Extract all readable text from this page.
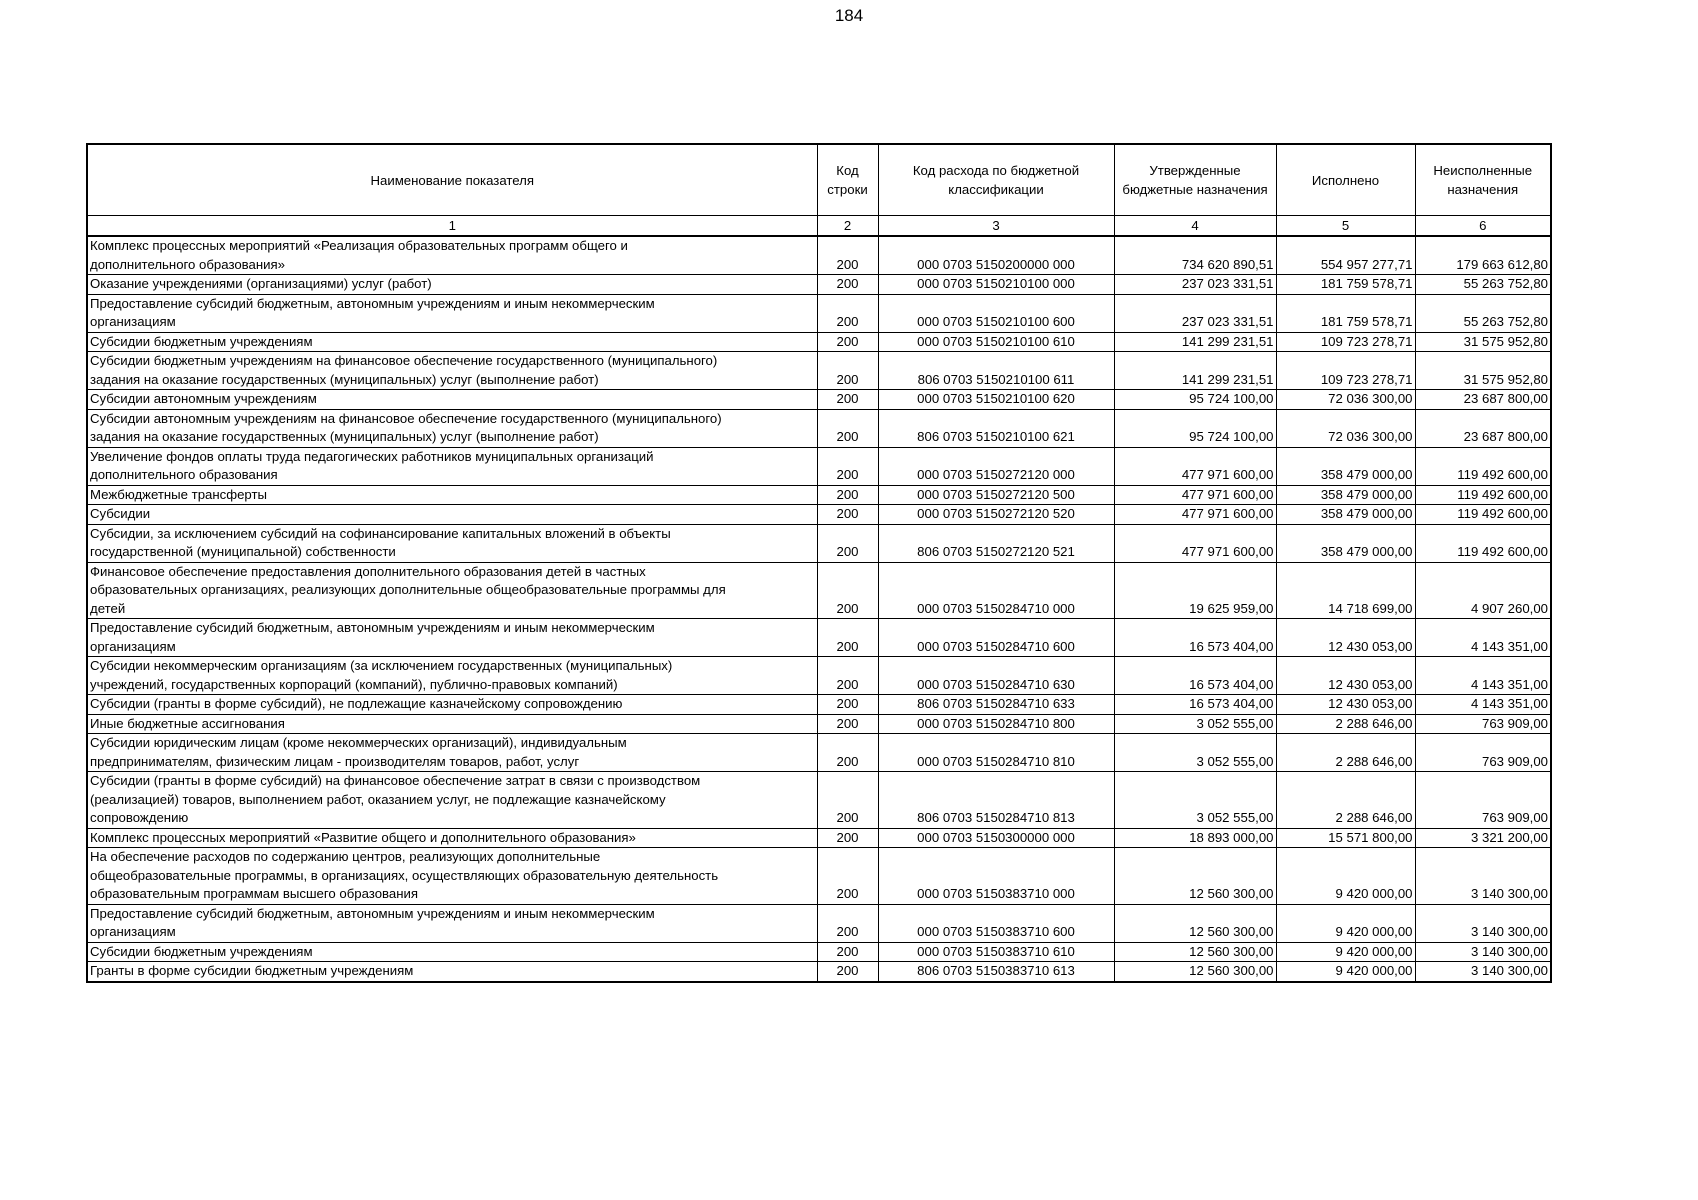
184
Наименование показателя	Код строки	Код расхода по бюджетной классификации	Утвержденные бюджетные назначения	Исполнено	Неисполненные назначения
1	2	3	4	5	6
Комплекс процессных мероприятий «Реализация образовательных программ общего и
дополнительного образования»	200	000 0703 5150200000 000	734 620 890,51	554 957 277,71	179 663 612,80
Оказание учреждениями (организациями) услуг (работ)	200	000 0703 5150210100 000	237 023 331,51	181 759 578,71	55 263 752,80
Предоставление субсидий бюджетным, автономным учреждениям и иным некоммерческим
организациям	200	000 0703 5150210100 600	237 023 331,51	181 759 578,71	55 263 752,80
Субсидии бюджетным учреждениям	200	000 0703 5150210100 610	141 299 231,51	109 723 278,71	31 575 952,80
Субсидии бюджетным учреждениям на финансовое обеспечение государственного (муниципального)
задания на оказание государственных (муниципальных) услуг (выполнение работ)	200	806 0703 5150210100 611	141 299 231,51	109 723 278,71	31 575 952,80
Субсидии автономным учреждениям	200	000 0703 5150210100 620	95 724 100,00	72 036 300,00	23 687 800,00
Субсидии автономным учреждениям на финансовое обеспечение государственного (муниципального)
задания на оказание государственных (муниципальных) услуг (выполнение работ)	200	806 0703 5150210100 621	95 724 100,00	72 036 300,00	23 687 800,00
Увеличение фондов оплаты труда педагогических работников муниципальных организаций
дополнительного образования	200	000 0703 5150272120 000	477 971 600,00	358 479 000,00	119 492 600,00
Межбюджетные трансферты	200	000 0703 5150272120 500	477 971 600,00	358 479 000,00	119 492 600,00
Субсидии	200	000 0703 5150272120 520	477 971 600,00	358 479 000,00	119 492 600,00
Субсидии, за исключением субсидий на софинансирование капитальных вложений в объекты
государственной (муниципальной) собственности	200	806 0703 5150272120 521	477 971 600,00	358 479 000,00	119 492 600,00
Финансовое обеспечение предоставления дополнительного образования детей в частных
образовательных организациях, реализующих дополнительные общеобразовательные программы для
детей	200	000 0703 5150284710 000	19 625 959,00	14 718 699,00	4 907 260,00
Предоставление субсидий бюджетным, автономным учреждениям и иным некоммерческим
организациям	200	000 0703 5150284710 600	16 573 404,00	12 430 053,00	4 143 351,00
Субсидии некоммерческим организациям (за исключением государственных (муниципальных)
учреждений, государственных корпораций (компаний), публично-правовых компаний)	200	000 0703 5150284710 630	16 573 404,00	12 430 053,00	4 143 351,00
Субсидии (гранты в форме субсидий), не подлежащие казначейскому сопровождению	200	806 0703 5150284710 633	16 573 404,00	12 430 053,00	4 143 351,00
Иные бюджетные ассигнования	200	000 0703 5150284710 800	3 052 555,00	2 288 646,00	763 909,00
Субсидии юридическим лицам (кроме некоммерческих организаций), индивидуальным
предпринимателям, физическим лицам - производителям товаров, работ, услуг	200	000 0703 5150284710 810	3 052 555,00	2 288 646,00	763 909,00
Субсидии (гранты в форме субсидий) на финансовое обеспечение затрат в связи с производством
(реализацией) товаров, выполнением работ, оказанием услуг, не подлежащие казначейскому
сопровождению	200	806 0703 5150284710 813	3 052 555,00	2 288 646,00	763 909,00
Комплекс процессных мероприятий «Развитие общего и дополнительного образования»	200	000 0703 5150300000 000	18 893 000,00	15 571 800,00	3 321 200,00
На обеспечение расходов по содержанию центров, реализующих дополнительные
общеобразовательные программы, в организациях, осуществляющих образовательную деятельность
образовательным программам высшего образования	200	000 0703 5150383710 000	12 560 300,00	9 420 000,00	3 140 300,00
Предоставление субсидий бюджетным, автономным учреждениям и иным некоммерческим
организациям	200	000 0703 5150383710 600	12 560 300,00	9 420 000,00	3 140 300,00
Субсидии бюджетным учреждениям	200	000 0703 5150383710 610	12 560 300,00	9 420 000,00	3 140 300,00
Гранты в форме субсидии бюджетным учреждениям	200	806 0703 5150383710 613	12 560 300,00	9 420 000,00	3 140 300,00
